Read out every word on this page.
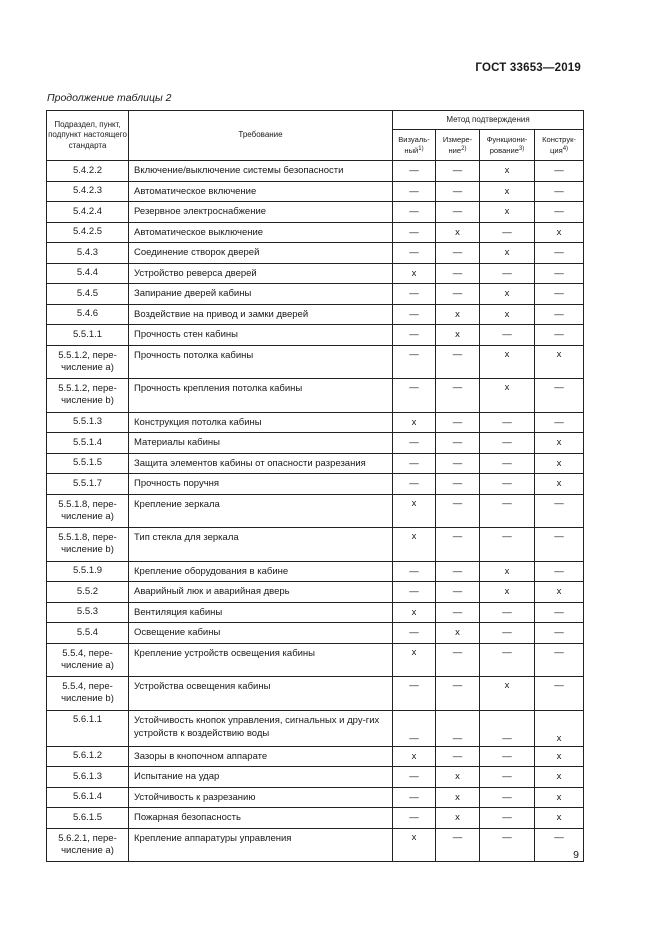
ГОСТ 33653—2019
Продолжение таблицы 2
Подраздел, пункт, подпункт настоящего стандарта	Требование	Метод подтверждения			
		Визуаль-ный$^{1)}$	Измере-ние$^{2)}$	Функциони-рование$^{3)}$	Конструк-ция$^{4)}$
5.4.2.2	Включение/выключение системы безопасности	—	—	x	—
5.4.2.3	Автоматическое включение	—	—	x	—
5.4.2.4	Резервное электроснабжение	—	—	x	—
5.4.2.5	Автоматическое выключение	—	x	—	x
5.4.3	Соединение створок дверей	—	—	x	—
5.4.4	Устройство реверса дверей	x	—	—	—
5.4.5	Запирание дверей кабины	—	—	x	—
5.4.6	Воздействие на привод и замки дверей	—	x	x	—
5.5.1.1	Прочность стен кабины	—	x	—	—
5.5.1.2, пере-числение a)	Прочность потолка кабины	—	—	x	x
5.5.1.2, пере-числение b)	Прочность крепления потолка кабины	—	—	x	—
5.5.1.3	Конструкция потолка кабины	x	—	—	—
5.5.1.4	Материалы кабины	—	—	—	x
5.5.1.5	Защита элементов кабины от опасности разрезания	—	—	—	x
5.5.1.7	Прочность поручня	—	—	—	x
5.5.1.8, пере-числение a)	Крепление зеркала	x	—	—	—
5.5.1.8, пере-числение b)	Тип стекла для зеркала	x	—	—	—
5.5.1.9	Крепление оборудования в кабине	—	—	x	—
5.5.2	Аварийный люк и аварийная дверь	—	—	x	x
5.5.3	Вентиляция кабины	x	—	—	—
5.5.4	Освещение кабины	—	x	—	—
5.5.4, пере-числение a)	Крепление устройств освещения кабины	x	—	—	—
5.5.4, пере-числение b)	Устройства освещения кабины	—	—	x	—
5.6.1.1	Устойчивость кнопок управления, сигнальных и дру-гих устройств к воздействию воды	—	—	—	x
5.6.1.2	Зазоры в кнопочном аппарате	x	—	—	x
5.6.1.3	Испытание на удар	—	x	—	x
5.6.1.4	Устойчивость к разрезанию	—	x	—	x
5.6.1.5	Пожарная безопасность	—	x	—	x
5.6.2.1, пере-числение a)	Крепление аппаратуры управления	x	—	—	—
9
